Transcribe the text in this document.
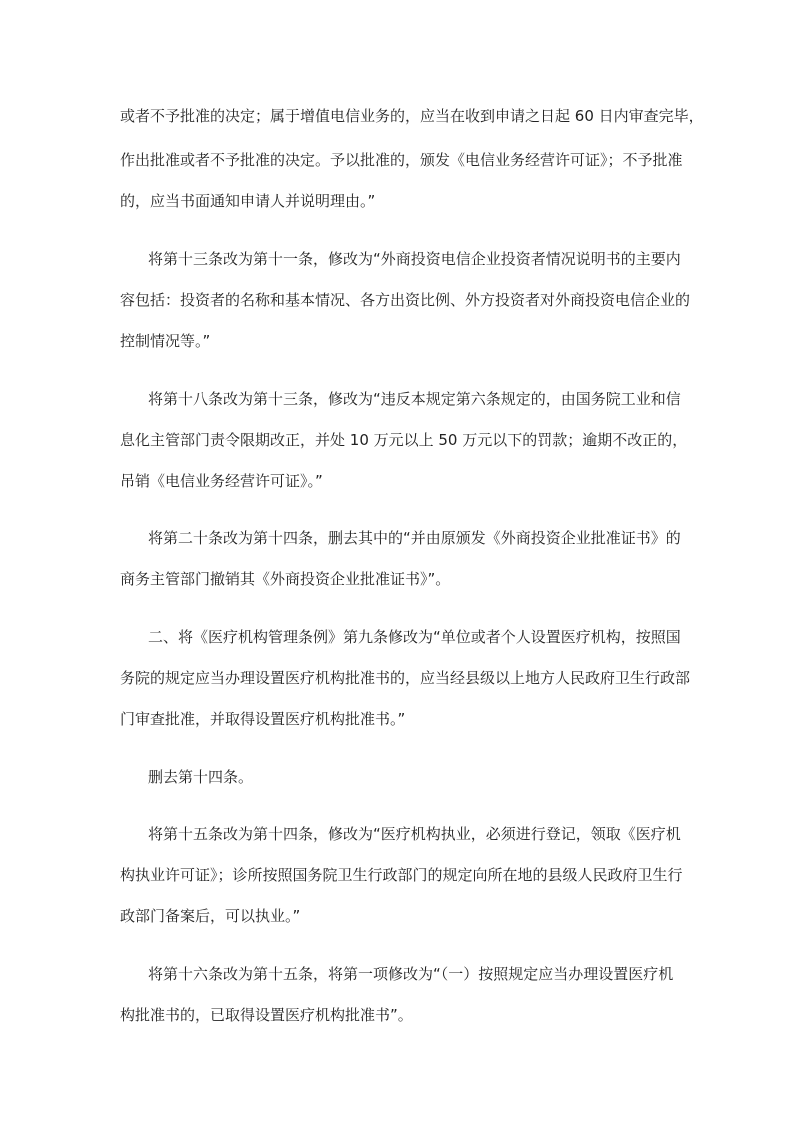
或者不予批准的决定；属于增值电信业务的，应当在收到申请之日起 60 日内审查完毕，
作出批准或者不予批准的决定。予以批准的，颁发《电信业务经营许可证》；不予批准
的，应当书面通知申请人并说明理由。”
将第十三条改为第十一条，修改为“外商投资电信企业投资者情况说明书的主要内
容包括：投资者的名称和基本情况、各方出资比例、外方投资者对外商投资电信企业的
控制情况等。”
将第十八条改为第十三条，修改为“违反本规定第六条规定的，由国务院工业和信
息化主管部门责令限期改正，并处 10 万元以上 50 万元以下的罚款；逾期不改正的，
吊销《电信业务经营许可证》。”
将第二十条改为第十四条，删去其中的“并由原颁发《外商投资企业批准证书》的
商务主管部门撤销其《外商投资企业批准证书》”。
二、将《医疗机构管理条例》第九条修改为“单位或者个人设置医疗机构，按照国
务院的规定应当办理设置医疗机构批准书的，应当经县级以上地方人民政府卫生行政部
门审查批准，并取得设置医疗机构批准书。”
删去第十四条。
将第十五条改为第十四条，修改为“医疗机构执业，必须进行登记，领取《医疗机
构执业许可证》；诊所按照国务院卫生行政部门的规定向所在地的县级人民政府卫生行
政部门备案后，可以执业。”
将第十六条改为第十五条，将第一项修改为“（一）按照规定应当办理设置医疗机
构批准书的，已取得设置医疗机构批准书”。
